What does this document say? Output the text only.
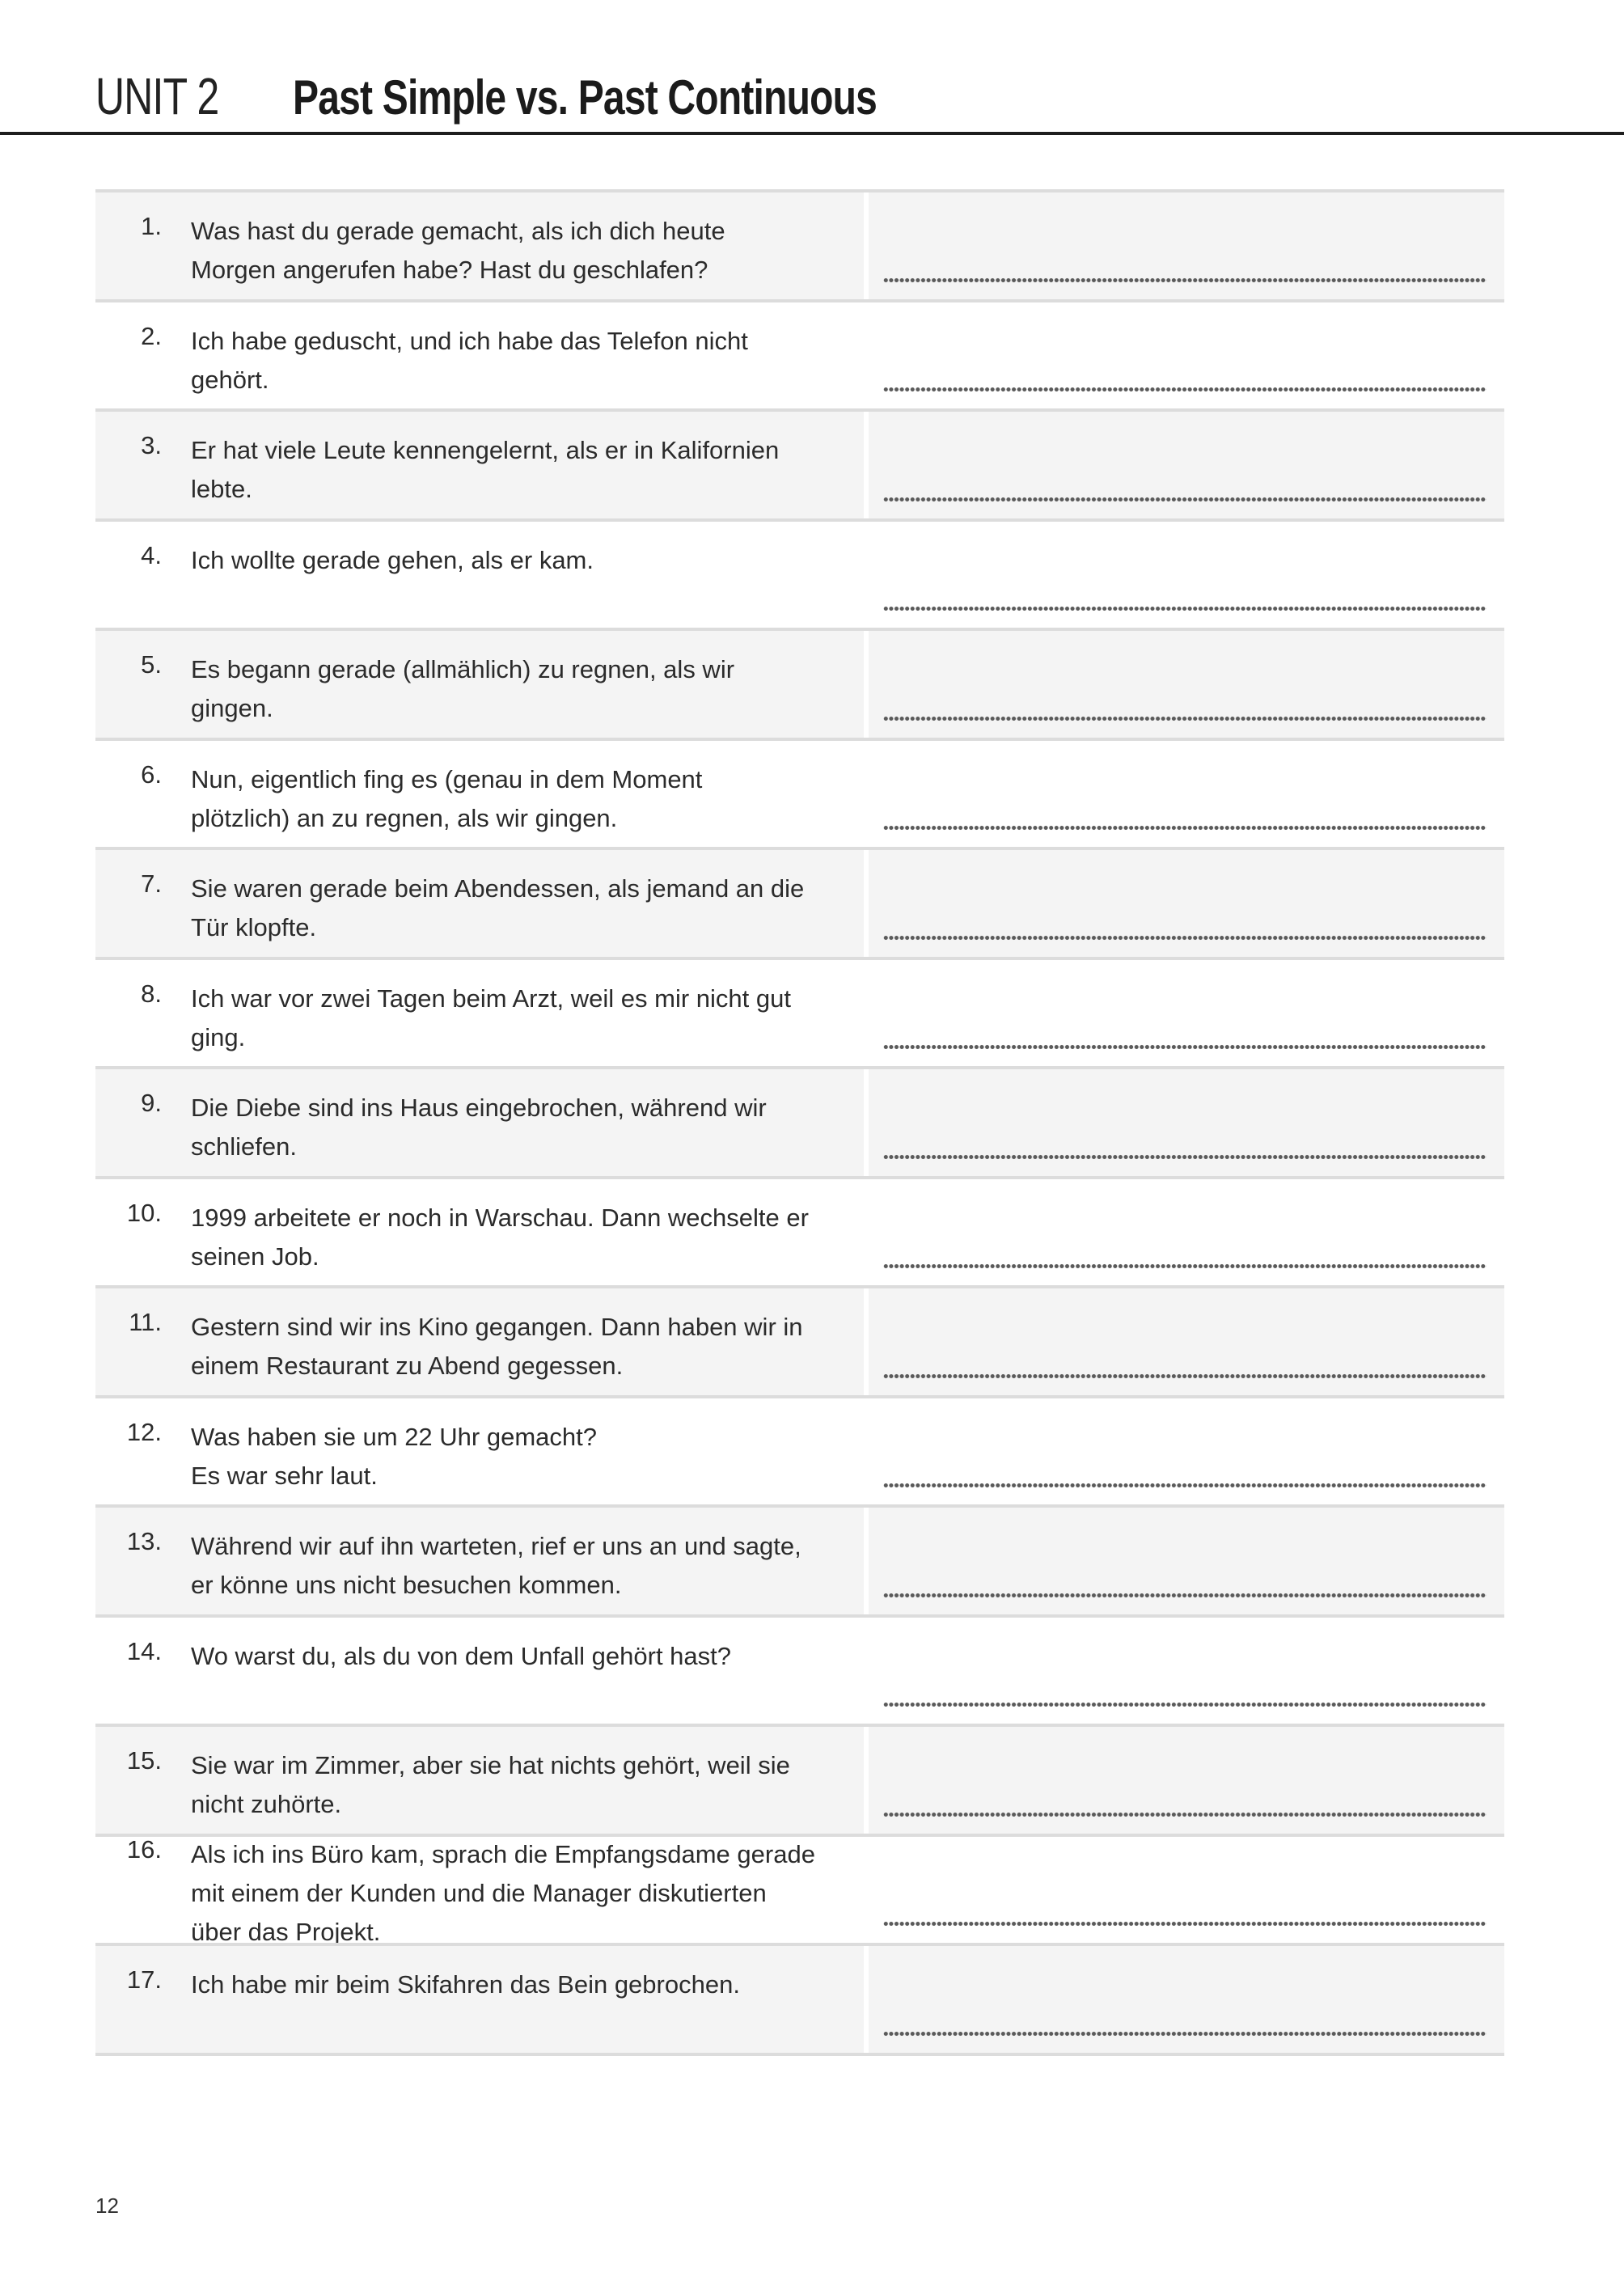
UNIT 2 Past Simple vs. Past Continuous
1. Was hast du gerade gemacht, als ich dich heute
Morgen angerufen habe? Hast du geschlafen?
2. Ich habe geduscht, und ich habe das Telefon nicht
gehört.
3. Er hat viele Leute kennengelernt, als er in Kalifornien
lebte.
4. Ich wollte gerade gehen, als er kam.
5. Es begann gerade (allmählich) zu regnen, als wir
gingen.
6. Nun, eigentlich fing es (genau in dem Moment
plötzlich) an zu regnen, als wir gingen.
7. Sie waren gerade beim Abendessen, als jemand an die
Tür klopfte.
8. Ich war vor zwei Tagen beim Arzt, weil es mir nicht gut
ging.
9. Die Diebe sind ins Haus eingebrochen, während wir
schliefen.
10. 1999 arbeitete er noch in Warschau. Dann wechselte er
seinen Job.
11. Gestern sind wir ins Kino gegangen. Dann haben wir in
einem Restaurant zu Abend gegessen.
12. Was haben sie um 22 Uhr gemacht?
Es war sehr laut.
13. Während wir auf ihn warteten, rief er uns an und sagte,
er könne uns nicht besuchen kommen.
14. Wo warst du, als du von dem Unfall gehört hast?
15. Sie war im Zimmer, aber sie hat nichts gehört, weil sie
nicht zuhörte.
16. Als ich ins Büro kam, sprach die Empfangsdame gerade
mit einem der Kunden und die Manager diskutierten
über das Projekt.
17. Ich habe mir beim Skifahren das Bein gebrochen.
12
